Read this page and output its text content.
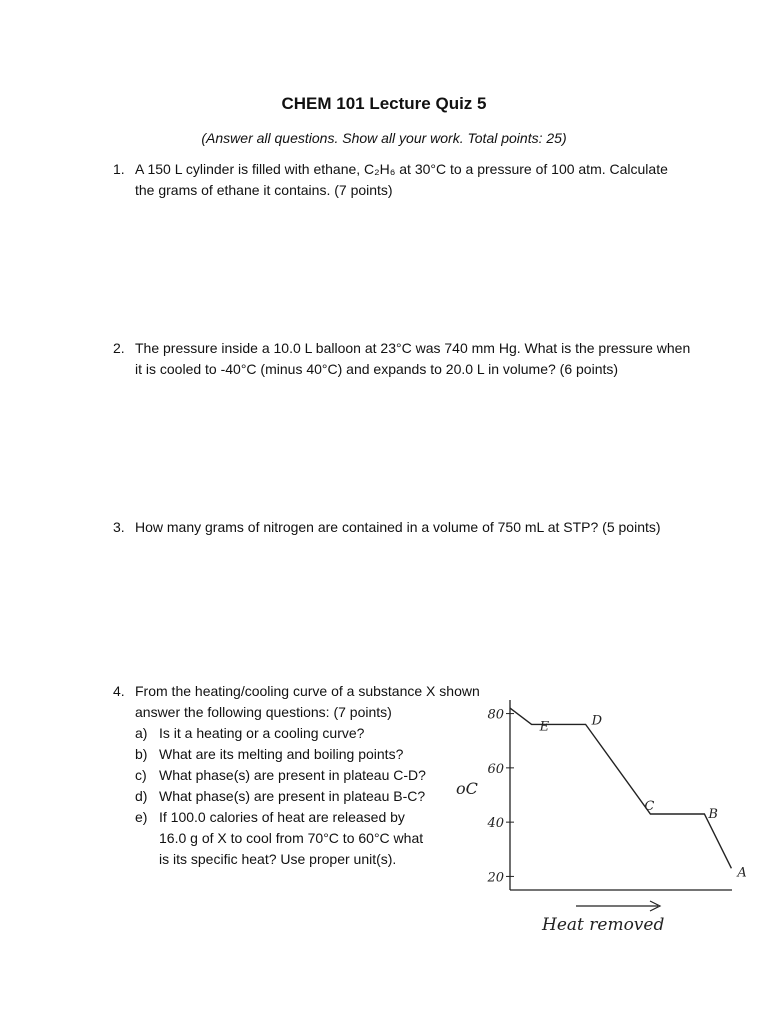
CHEM 101 Lecture Quiz 5
(Answer all questions. Show all your work. Total points: 25)
1. A 150 L cylinder is filled with ethane, C₂H₆ at 30°C to a pressure of 100 atm. Calculate
the grams of ethane it contains. (7 points)
2. The pressure inside a 10.0 L balloon at 23°C was 740 mm Hg. What is the pressure when
it is cooled to -40°C (minus 40°C) and expands to 20.0 L in volume? (6 points)
3. How many grams of nitrogen are contained in a volume of 750 mL at STP? (5 points)
4. From the heating/cooling curve of a substance X shown
answer the following questions: (7 points)
a) Is it a heating or a cooling curve?
b) What are its melting and boiling points?
c) What phase(s) are present in plateau C-D?
d) What phase(s) are present in plateau B-C?
e) If 100.0 calories of heat are released by 16.0 g of X to cool from 70°C to 60°C what is its specific heat? Use proper unit(s).
80
60
40
20
oC
E	D
C
B
A
Heat removed
